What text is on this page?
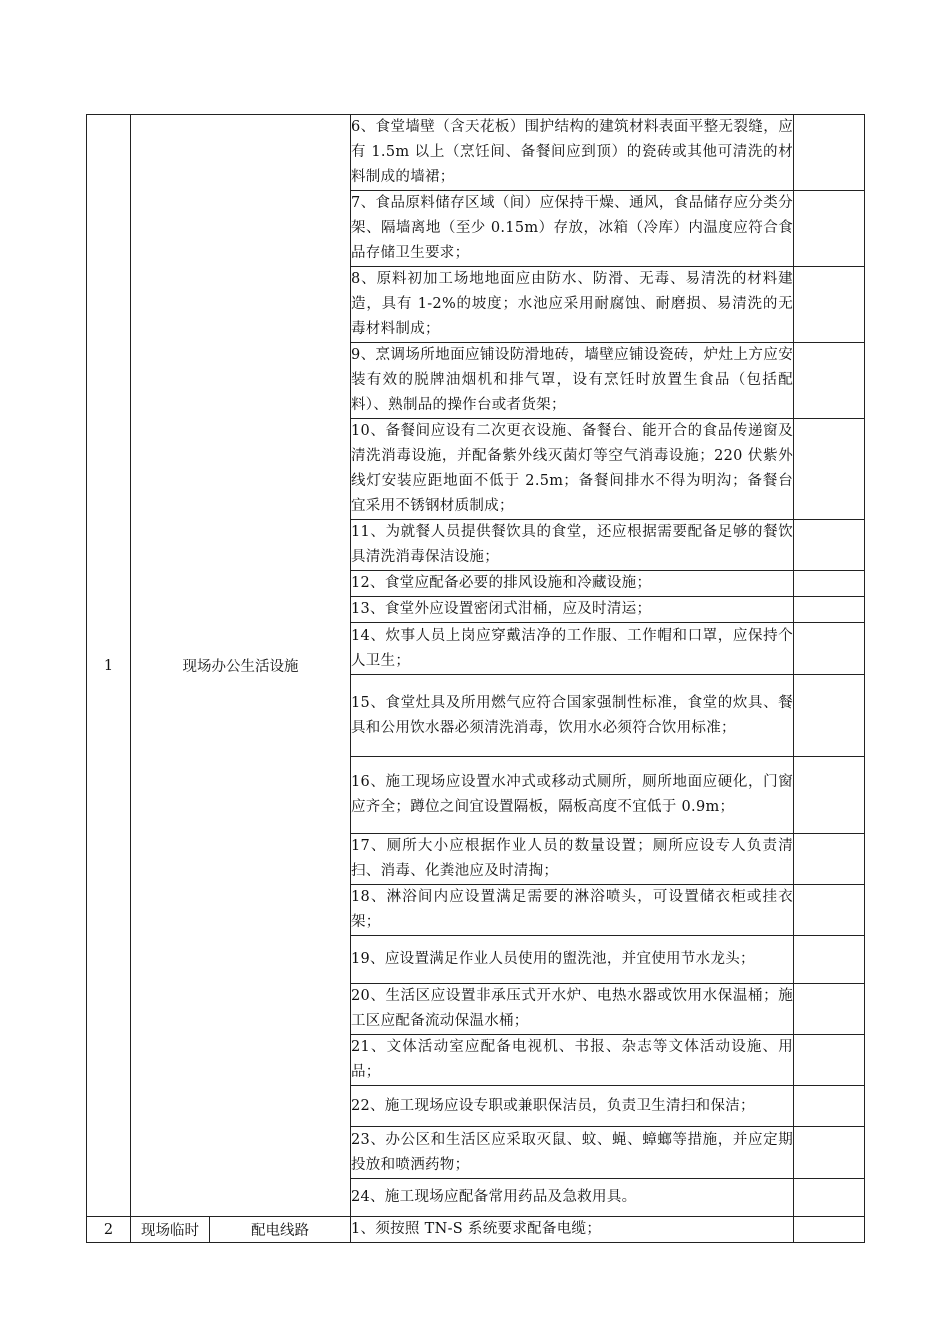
1	现场办公生活设施		6、食堂墙壁（含天花板）围护结构的建筑材料表面平整无裂缝，应有 1.5m 以上（烹饪间、备餐间应到顶）的瓷砖或其他可清洗的材料制成的墙裙；	
			7、食品原料储存区域（间）应保持干燥、通风，食品储存应分类分架、隔墙离地（至少 0.15m）存放，冰箱（冷库）内温度应符合食品存储卫生要求；	
			8、原料初加工场地地面应由防水、防滑、无毒、易清洗的材料建造，具有 1-2%的坡度；水池应采用耐腐蚀、耐磨损、易清洗的无毒材料制成；	
			9、烹调场所地面应铺设防滑地砖，墙壁应铺设瓷砖，炉灶上方应安装有效的脱牌油烟机和排气罩，设有烹饪时放置生食品（包括配料）、熟制品的操作台或者货架；	
			10、备餐间应设有二次更衣设施、备餐台、能开合的食品传递窗及清洗消毒设施，并配备紫外线灭菌灯等空气消毒设施；220 伏紫外线灯安装应距地面不低于 2.5m；备餐间排水不得为明沟；备餐台宜采用不锈钢材质制成；	
			11、为就餐人员提供餐饮具的食堂，还应根据需要配备足够的餐饮具清洗消毒保洁设施；	
			12、食堂应配备必要的排风设施和冷藏设施；	
			13、食堂外应设置密闭式泔桶，应及时清运；	
			14、炊事人员上岗应穿戴洁净的工作服、工作帽和口罩，应保持个人卫生；	
			15、食堂灶具及所用燃气应符合国家强制性标准，食堂的炊具、餐具和公用饮水器必须清洗消毒，饮用水必须符合饮用标准；	
			16、施工现场应设置水冲式或移动式厕所，厕所地面应硬化，门窗应齐全；蹲位之间宜设置隔板，隔板高度不宜低于 0.9m；	
			17、厕所大小应根据作业人员的数量设置；厕所应设专人负责清扫、消毒、化粪池应及时清掏；	
			18、淋浴间内应设置满足需要的淋浴喷头，可设置储衣柜或挂衣架；	
			19、应设置满足作业人员使用的盥洗池，并宜使用节水龙头；	
			20、生活区应设置非承压式开水炉、电热水器或饮用水保温桶；施工区应配备流动保温水桶；	
			21、文体活动室应配备电视机、书报、杂志等文体活动设施、用品；	
			22、施工现场应设专职或兼职保洁员，负责卫生清扫和保洁；	
			23、办公区和生活区应采取灭鼠、蚊、蝇、蟑螂等措施，并应定期投放和喷洒药物；	
			24、施工现场应配备常用药品及急救用具。	

2	现场临时	配电线路	1、须按照 TN-S 系统要求配备电缆；	
